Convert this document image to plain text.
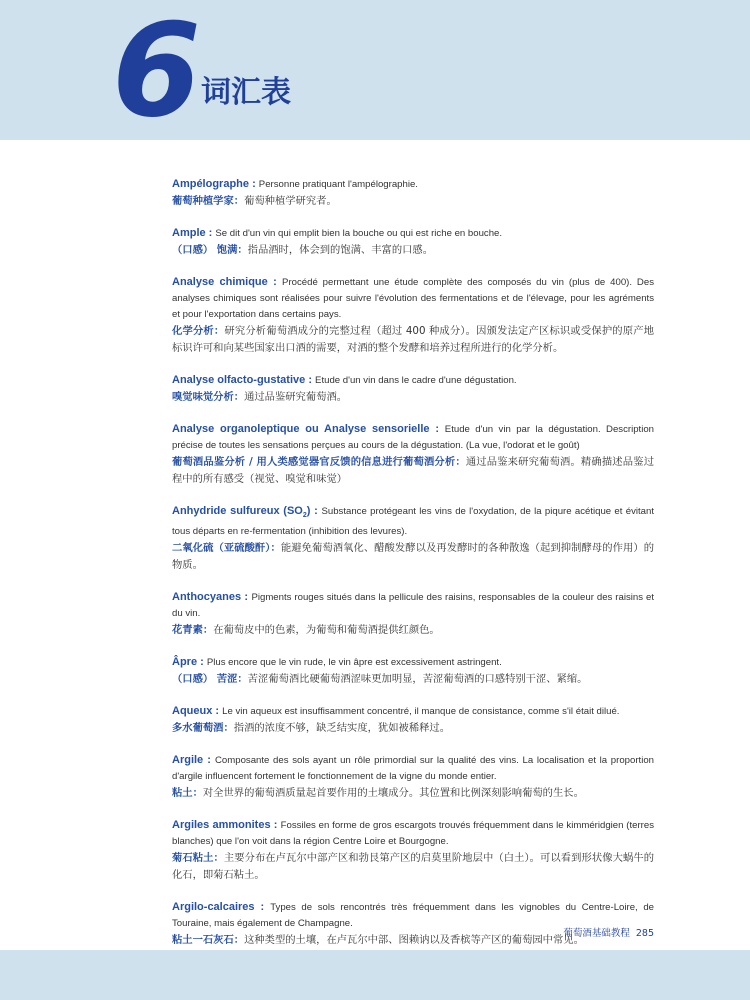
6 词汇表

Ampélographe : Personne pratiquant l'ampélographie.

葡萄种植学家：葡萄种植学研究者。

Ample : Se dit d'un vin qui emplit bien la bouche ou qui est riche en bouche.

（口感） 饱满：指品酒时，体会到的饱满、丰富的口感。

Analyse chimique : Procédé permettant une étude complète des composés du vin (plus de 400). Des analyses chimiques sont réalisées pour suivre l'évolution des fermentations et de l'élevage, pour les agréments et pour l'exportation dans certains pays.

化学分析：研究分析葡萄酒成分的完整过程（超过 400 种成分）。因颁发法定产区标识或受保护的原产地标识许可和向某些国家出口酒的需要，对酒的整个发酵和培养过程所进行的化学分析。

Analyse olfacto-gustative : Etude d'un vin dans le cadre d'une dégustation.

嗅觉味觉分析：通过品鉴研究葡萄酒。

Analyse organoleptique ou Analyse sensorielle : Etude d'un vin par la dégustation. Description précise de toutes les sensations perçues au cours de la dégustation. (La vue, l'odorat et le goût)

葡萄酒品鉴分析 / 用人类感觉器官反馈的信息进行葡萄酒分析：通过品鉴来研究葡萄酒。精确描述品鉴过程中的所有感受（视觉、嗅觉和味觉）

Anhydride sulfureux $(SO_2)$ : Substance protégeant les vins de l'oxydation, de la piqure acétique et évitant tous départs en re-fermentation (inhibition des levures).

二氧化硫（亚硫酸酐）：能避免葡萄酒氧化、醋酸发酵以及再发酵时的各种散逸（起到抑制酵母的作用）的物质。

Anthocyanes : Pigments rouges situés dans la pellicule des raisins, responsables de la couleur des raisins et du vin.

花青素：在葡萄皮中的色素，为葡萄和葡萄酒提供红颜色。

Âpre : Plus encore que le vin rude, le vin âpre est excessivement astringent.

（口感） 苦涩：苦涩葡萄酒比硬葡萄酒涩味更加明显，苦涩葡萄酒的口感特别干涩、紧缩。

Aqueux : Le vin aqueux est insuffisamment concentré, il manque de consistance, comme s'il était dilué.

多水葡萄酒：指酒的浓度不够，缺乏结实度，犹如被稀释过。

Argile : Composante des sols ayant un rôle primordial sur la qualité des vins. La localisation et la proportion d'argile influencent fortement le fonctionnement de la vigne du monde entier.

粘土：对全世界的葡萄酒质量起首要作用的土壤成分。其位置和比例深刻影响葡萄的生长。

Argiles ammonites : Fossiles en forme de gros escargots trouvés fréquemment dans le kimméridgien (terres blanches) que l'on voit dans la région Centre Loire et Bourgogne.

菊石粘土：主要分布在卢瓦尔中部产区和勃艮第产区的启莫里阶地层中（白土）。可以看到形状像大蜗牛的化石，即菊石粘土。

Argilo-calcaires : Types de sols rencontrés très fréquemment dans les vignobles du Centre-Loire, de Touraine, mais également de Champagne.

粘土一石灰石：这种类型的土壤，在卢瓦尔中部、图赖讷以及香槟等产区的葡萄园中常见。

葡萄酒基础教程 285
